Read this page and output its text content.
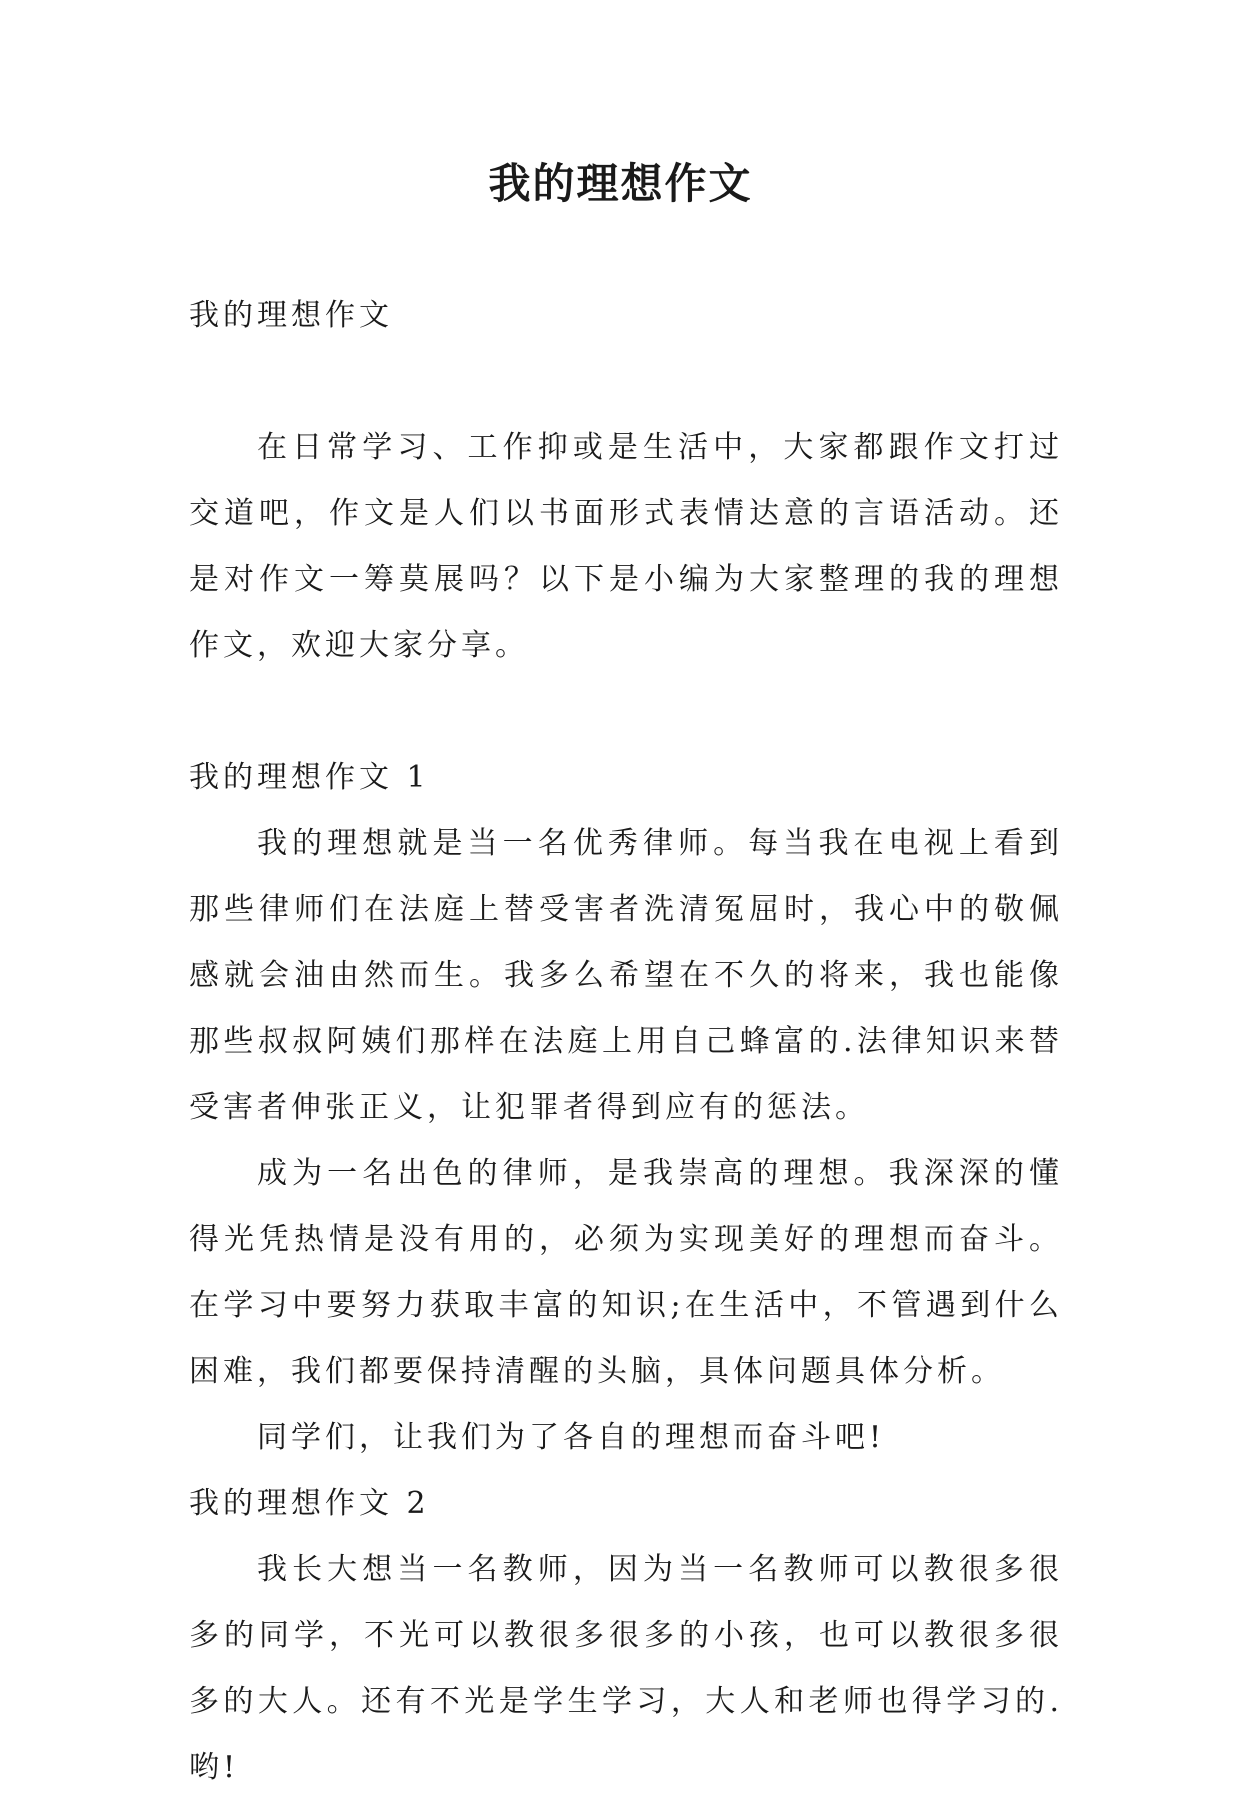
我的理想作文

我的理想作文

在日常学习、工作抑或是生活中，大家都跟作文打过交道吧，作文是人们以书面形式表情达意的言语活动。还是对作文一筹莫展吗？以下是小编为大家整理的我的理想作文，欢迎大家分享。

我的理想作文 1

我的理想就是当一名优秀律师。每当我在电视上看到那些律师们在法庭上替受害者洗清冤屈时，我心中的敬佩感就会油由然而生。我多么希望在不久的将来，我也能像那些叔叔阿姨们那样在法庭上用自己蜂富的.法律知识来替受害者伸张正义，让犯罪者得到应有的惩法。

成为一名出色的律师，是我崇高的理想。我深深的懂得光凭热情是没有用的，必须为实现美好的理想而奋斗。在学习中要努力获取丰富的知识;在生活中，不管遇到什么困难，我们都要保持清醒的头脑，具体问题具体分析。

同学们，让我们为了各自的理想而奋斗吧!

我的理想作文 2

我长大想当一名教师，因为当一名教师可以教很多很多的同学，不光可以教很多很多的小孩，也可以教很多很多的大人。还有不光是学生学习，大人和老师也得学习的.哟!
